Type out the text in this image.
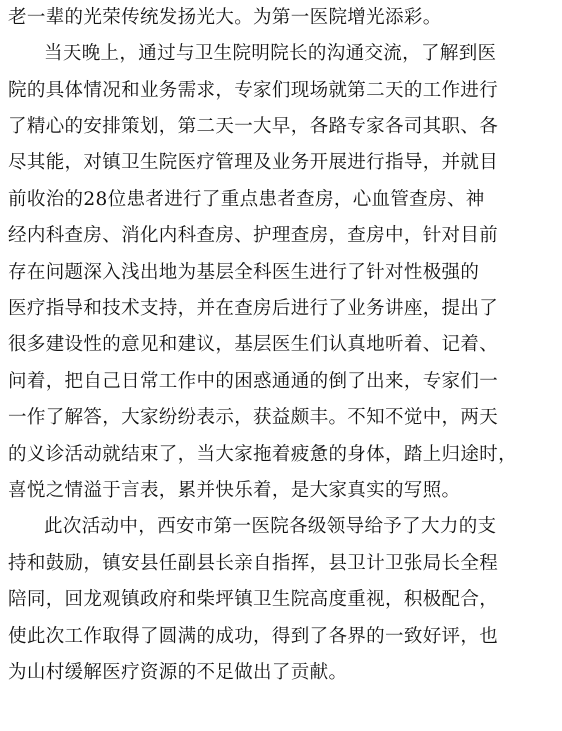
老一辈的光荣传统发扬光大。为第一医院增光添彩。
当天晚上，通过与卫生院明院长的沟通交流，了解到医
院的具体情况和业务需求，专家们现场就第二天的工作进行
了精心的安排策划，第二天一大早，各路专家各司其职、各
尽其能，对镇卫生院医疗管理及业务开展进行指导，并就目
前收治的28位患者进行了重点患者查房，心血管查房、神
经内科查房、消化内科查房、护理查房，查房中，针对目前
存在问题深入浅出地为基层全科医生进行了针对性极强的
医疗指导和技术支持，并在查房后进行了业务讲座，提出了
很多建设性的意见和建议，基层医生们认真地听着、记着、
问着，把自己日常工作中的困惑通通的倒了出来，专家们一
一作了解答，大家纷纷表示，获益颇丰。不知不觉中，两天
的义诊活动就结束了，当大家拖着疲惫的身体，踏上归途时，
喜悦之情溢于言表，累并快乐着，是大家真实的写照。
此次活动中，西安市第一医院各级领导给予了大力的支
持和鼓励，镇安县任副县长亲自指挥，县卫计卫张局长全程
陪同，回龙观镇政府和柴坪镇卫生院高度重视，积极配合，
使此次工作取得了圆满的成功，得到了各界的一致好评，也
为山村缓解医疗资源的不足做出了贡献。
